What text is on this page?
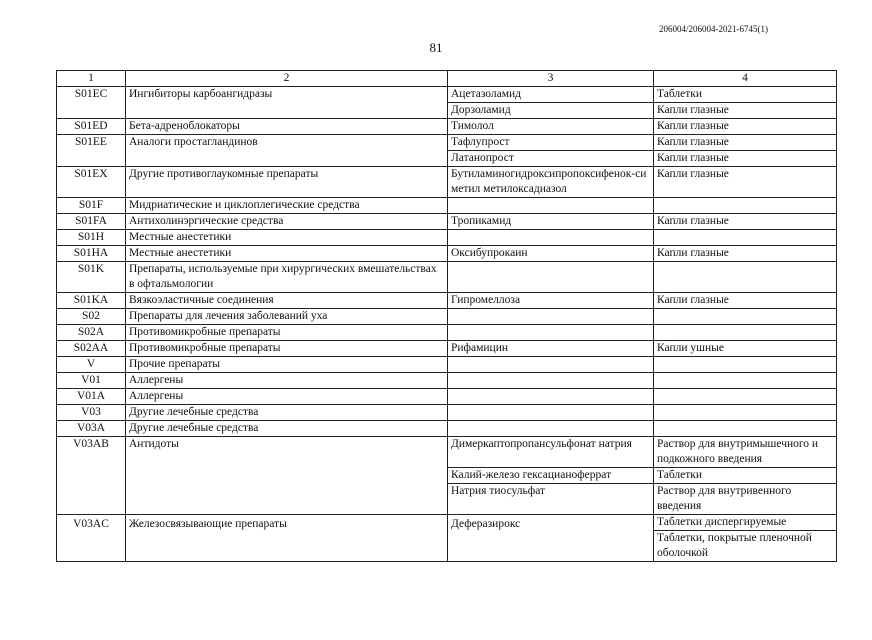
206004/206004-2021-6745(1)
81
1	2	3	4
S01EC	Ингибиторы карбоангидразы	Ацетазоламид	Таблетки
		Дорзоламид	Капли глазные
S01ED	Бета-адреноблокаторы	Тимолол	Капли глазные
S01EE	Аналоги простагландинов	Тафлупрост	Капли глазные
		Латанопрост	Капли глазные
S01EX	Другие противоглаукомные препараты	Бутиламиногидроксипропоксифенок-симетил метилоксадиазол	Капли глазные
S01F	Мидриатические и циклоплегические средства		
S01FA	Антихолинэргические средства	Тропикамид	Капли глазные
S01H	Местные анестетики		
S01HA	Местные анестетики	Оксибупрокаин	Капли глазные
S01K	Препараты, используемые при хирургических вмешательствах в офтальмологии		
S01KA	Вязкоэластичные соединения	Гипромеллоза	Капли глазные
S02	Препараты для лечения заболеваний уха		
S02A	Противомикробные препараты		
S02AA	Противомикробные препараты	Рифамицин	Капли ушные
V	Прочие препараты		
V01	Аллергены		
V01A	Аллергены		
V03	Другие лечебные средства		
V03A	Другие лечебные средства		
V03AB	Антидоты	Димеркаптопропансульфонат натрия	Раствор для внутримышечного и подкожного введения
		Калий-железо гексацианоферрат	Таблетки
		Натрия тиосульфат	Раствор для внутривенного введения
V03AC	Железосвязывающие препараты	Деферазирокс	Таблетки диспергируемые
			Таблетки, покрытые пленочной оболочкой
